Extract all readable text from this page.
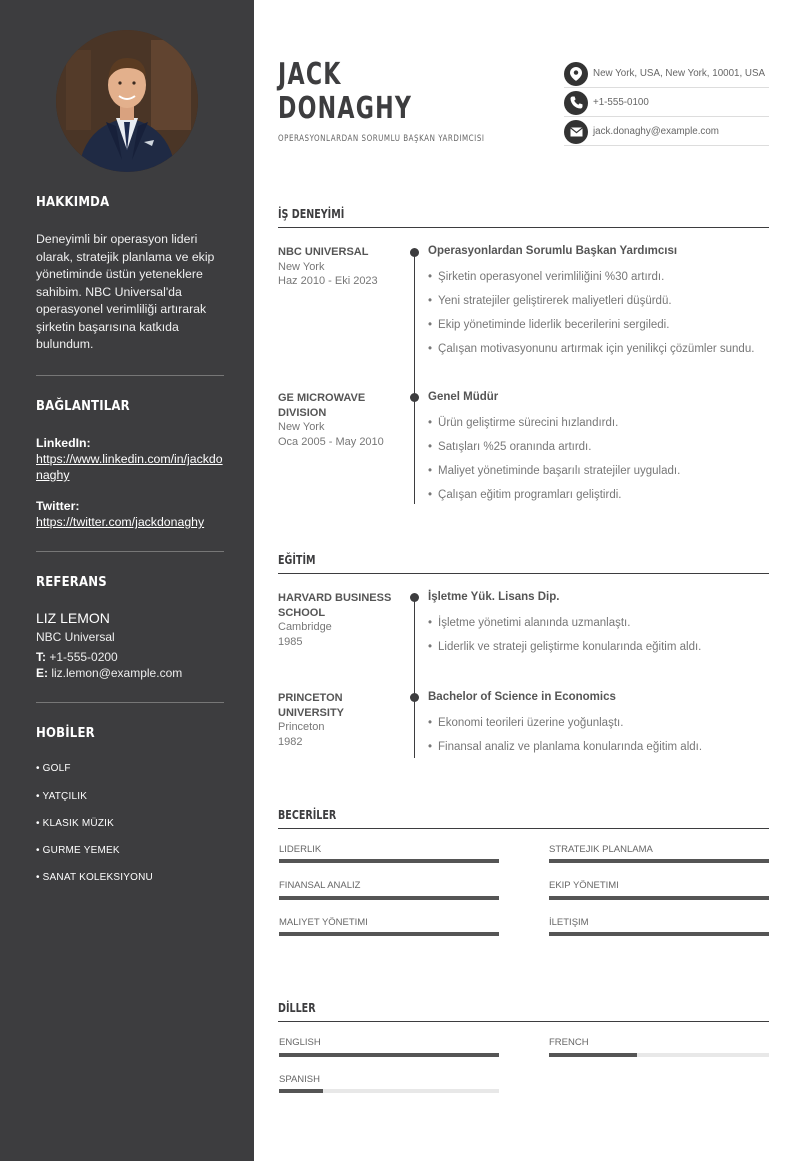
HAKKIMDA
Deneyimli bir operasyon lideri olarak, stratejik planlama ve ekip yönetiminde üstün yeteneklere sahibim. NBC Universal'da operasyonel verimliliği artırarak şirketin başarısına katkıda bulundum.
BAĞLANTILAR
LinkedIn:
https://www.linkedin.com/in/jackdonaghy
Twitter:
https://twitter.com/jackdonaghy
REFERANS
LIZ LEMON
NBC Universal
T: +1-555-0200
E: liz.lemon@example.com
HOBİLER
• GOLF
• YATÇILIK
• KLASIK MÜZIK
• GURME YEMEK
• SANAT KOLEKSIYONU
JACK
DONAGHY
OPERASYONLARDAN SORUMLU BAŞKAN YARDIMCISI
New York, USA, New York, 10001, USA
+1-555-0100
jack.donaghy@example.com
İŞ DENEYİMİ
NBC UNIVERSAL
New York
Haz 2010 - Eki 2023
Operasyonlardan Sorumlu Başkan Yardımcısı
• Şirketin operasyonel verimliliğini %30 artırdı.
• Yeni stratejiler geliştirerek maliyetleri düşürdü.
• Ekip yönetiminde liderlik becerilerini sergiledi.
• Çalışan motivasyonunu artırmak için yenilikçi çözümler sundu.
GE MICROWAVE DIVISION
New York
Oca 2005 - May 2010
Genel Müdür
• Ürün geliştirme sürecini hızlandırdı.
• Satışları %25 oranında artırdı.
• Maliyet yönetiminde başarılı stratejiler uyguladı.
• Çalışan eğitim programları geliştirdi.
EĞİTİM
HARVARD BUSINESS SCHOOL
Cambridge
1985
İşletme Yük. Lisans Dip.
• İşletme yönetimi alanında uzmanlaştı.
• Liderlik ve strateji geliştirme konularında eğitim aldı.
PRINCETON UNIVERSITY
Princeton
1982
Bachelor of Science in Economics
• Ekonomi teorileri üzerine yoğunlaştı.
• Finansal analiz ve planlama konularında eğitim aldı.
BECERİLER
LIDERLIK	STRATEJIK PLANLAMA
FINANSAL ANALIZ	EKIP YÖNETIMI
MALIYET YÖNETIMI	İLETIŞIM
DİLLER
ENGLISH	FRENCH
SPANISH
